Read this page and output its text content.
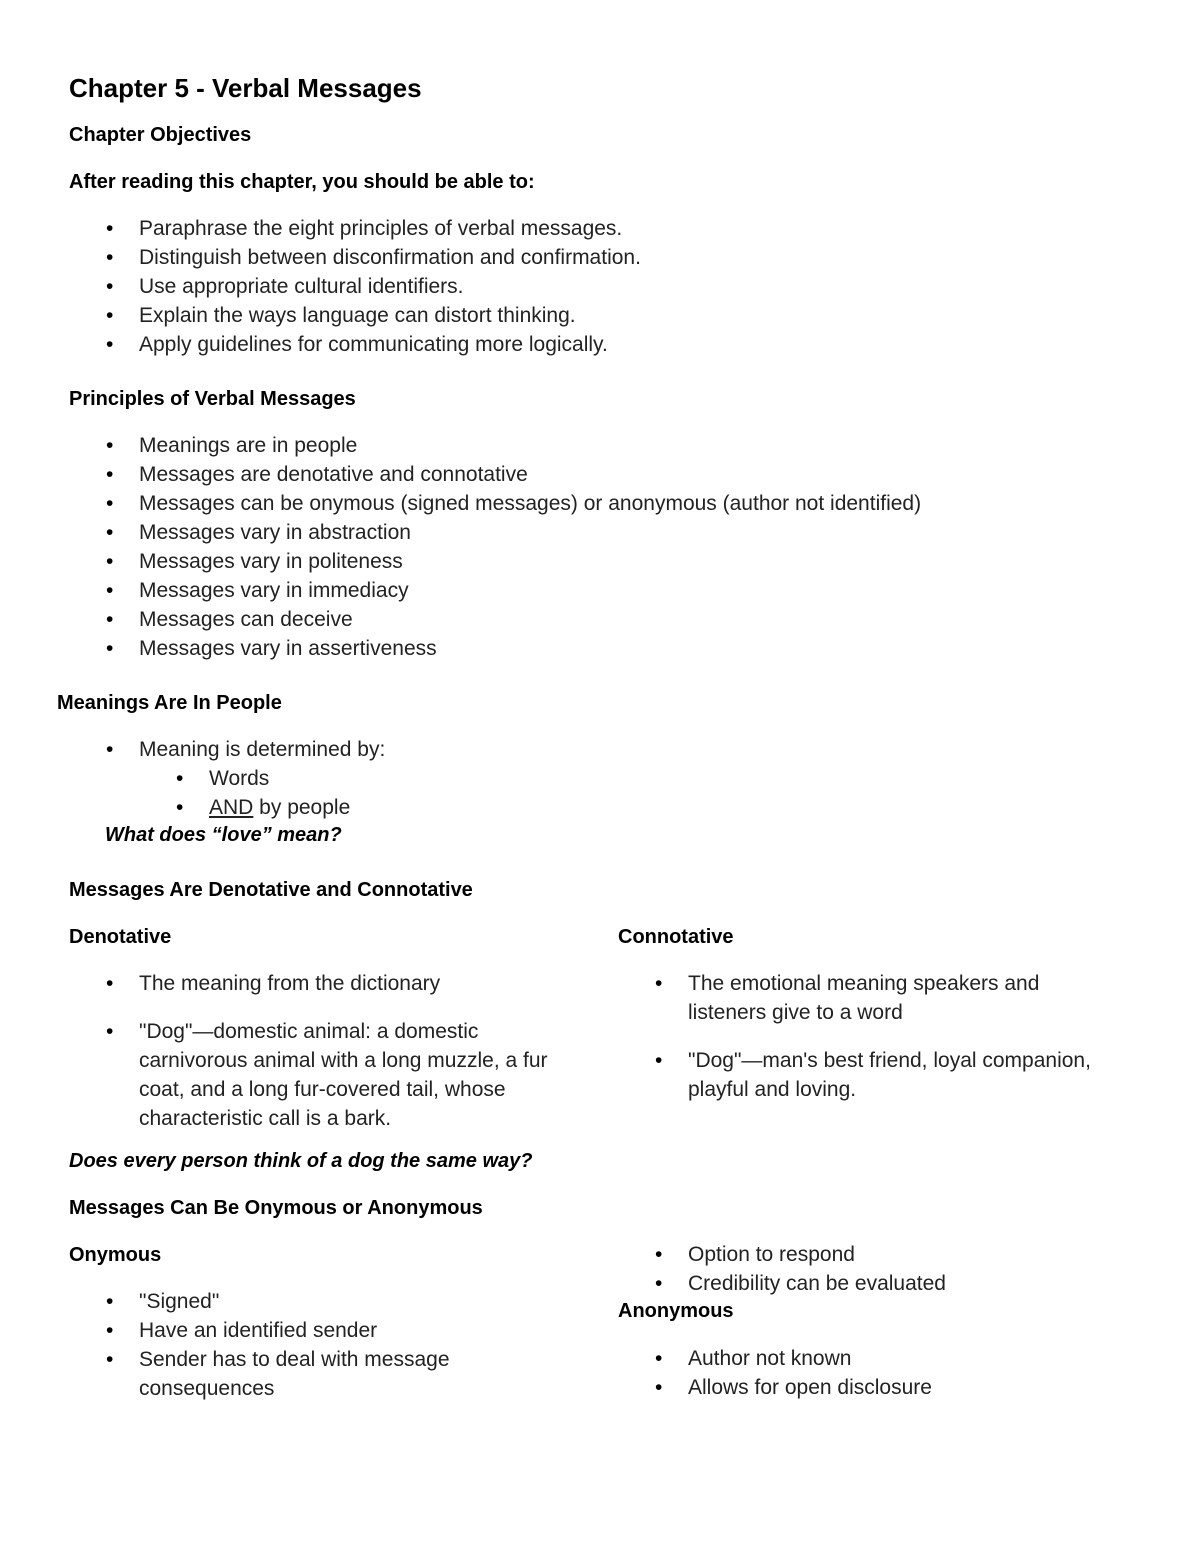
Chapter 5 - Verbal Messages
Chapter Objectives
After reading this chapter, you should be able to:
• Paraphrase the eight principles of verbal messages.
• Distinguish between disconfirmation and confirmation.
• Use appropriate cultural identifiers.
• Explain the ways language can distort thinking.
• Apply guidelines for communicating more logically.
Principles of Verbal Messages
• Meanings are in people
• Messages are denotative and connotative
• Messages can be onymous (signed messages) or anonymous (author not identified)
• Messages vary in abstraction
• Messages vary in politeness
• Messages vary in immediacy
• Messages can deceive
• Messages vary in assertiveness
Meanings Are In People
• Meaning is determined by:
• Words
• AND by people
What does “love” mean?
Messages Are Denotative and Connotative
Denotative
• The meaning from the dictionary
• "Dog"—domestic animal: a domestic carnivorous animal with a long muzzle, a fur coat, and a long fur-covered tail, whose characteristic call is a bark.
Connotative
• The emotional meaning speakers and listeners give to a word
• "Dog"—man's best friend, loyal companion, playful and loving.
Does every person think of a dog the same way?
Messages Can Be Onymous or Anonymous
Onymous
• "Signed"
• Have an identified sender
• Sender has to deal with message consequences
• Option to respond
• Credibility can be evaluated
Anonymous
• Author not known
• Allows for open disclosure
